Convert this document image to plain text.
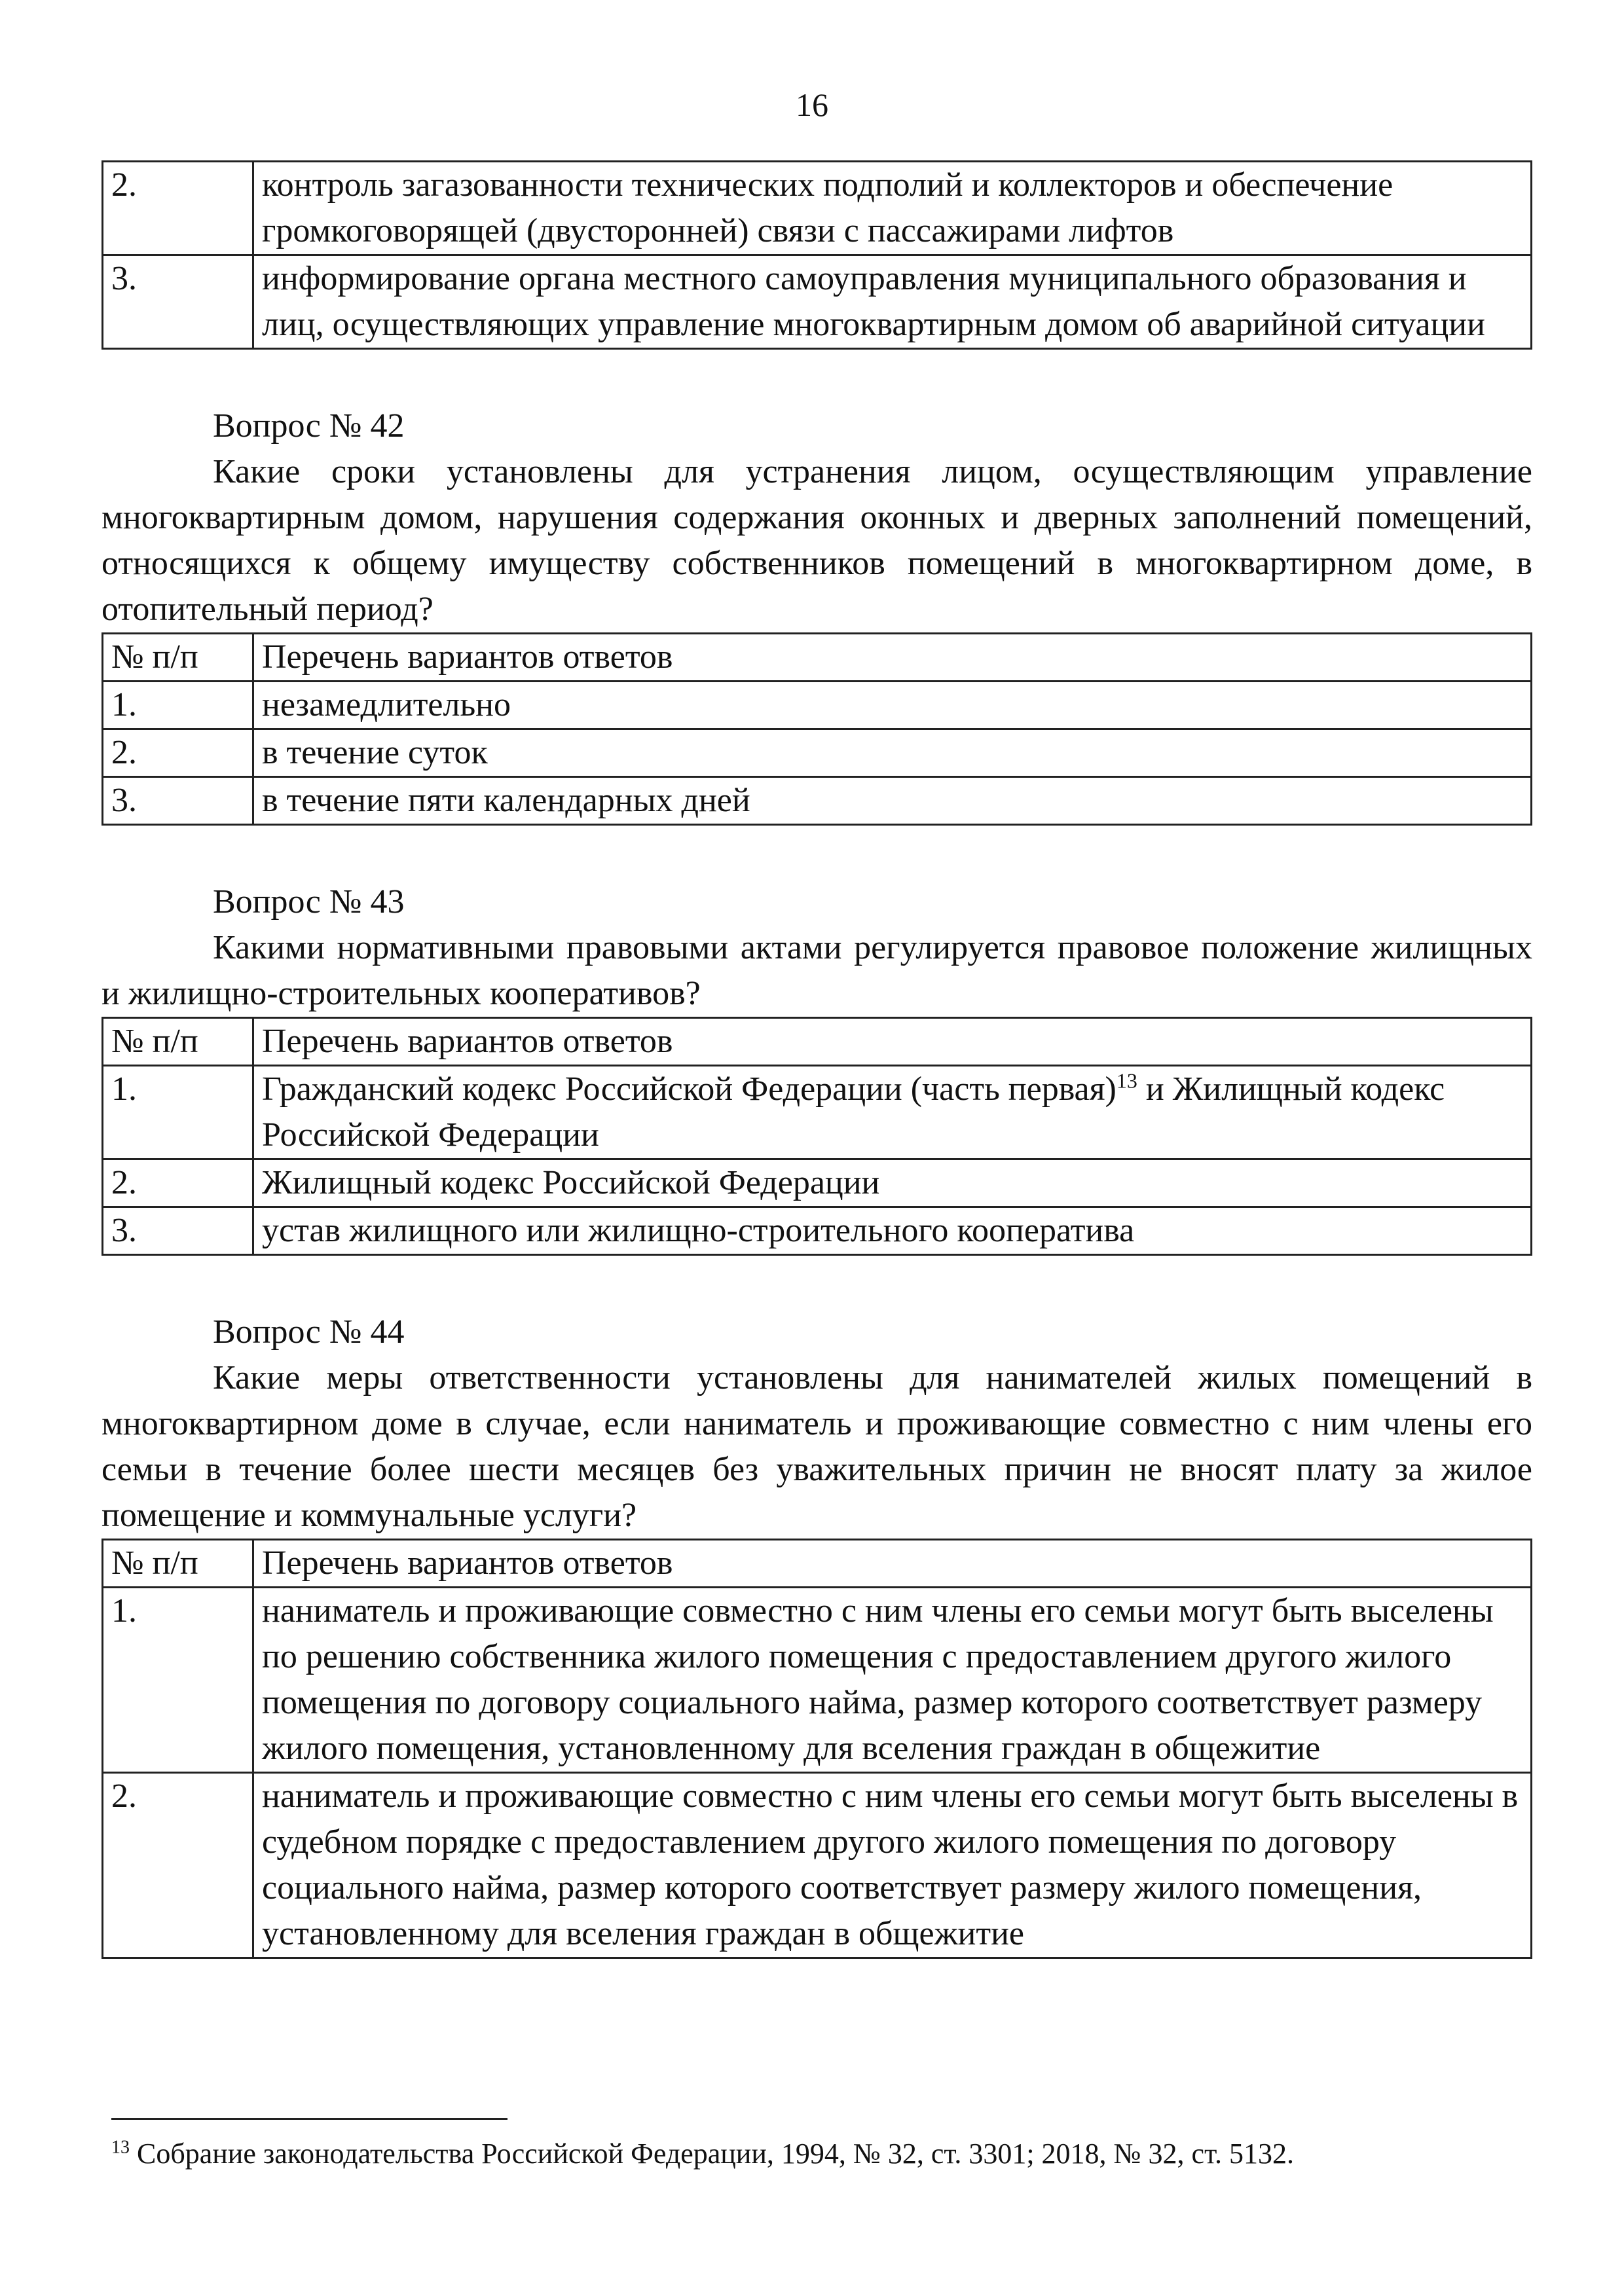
16
2.	контроль загазованности технических подполий и коллекторов и обеспечение громкоговорящей (двусторонней) связи с пассажирами лифтов
3.	информирование органа местного самоуправления муниципального образования и лиц, осуществляющих управление многоквартирным домом об аварийной ситуации

Вопрос № 42

Какие сроки установлены для устранения лицом, осуществляющим управление многоквартирным домом, нарушения содержания оконных и дверных заполнений помещений, относящихся к общему имуществу собственников помещений в многоквартирном доме, в отопительный период?

№ п/п	Перечень вариантов ответов
1.	незамедлительно
2.	в течение суток
3.	в течение пяти календарных дней

Вопрос № 43

Какими нормативными правовыми актами регулируется правовое положение жилищных и жилищно-строительных кооперативов?

№ п/п	Перечень вариантов ответов
1.	Гражданский кодекс Российской Федерации (часть первая)$^{13}$ и Жилищный кодекс Российской Федерации
2.	Жилищный кодекс Российской Федерации
3.	устав жилищного или жилищно-строительного кооператива

Вопрос № 44

Какие меры ответственности установлены для нанимателей жилых помещений в многоквартирном доме в случае, если наниматель и проживающие совместно с ним члены его семьи в течение более шести месяцев без уважительных причин не вносят плату за жилое помещение и коммунальные услуги?

№ п/п	Перечень вариантов ответов
1.	наниматель и проживающие совместно с ним члены его семьи могут быть выселены по решению собственника жилого помещения с предоставлением другого жилого помещения по договору социального найма, размер которого соответствует размеру жилого помещения, установленному для вселения граждан в общежитие
2.	наниматель и проживающие совместно с ним члены его семьи могут быть выселены в судебном порядке с предоставлением другого жилого помещения по договору социального найма, размер которого соответствует размеру жилого помещения, установленному для вселения граждан в общежитие
$^{13}$ Собрание законодательства Российской Федерации, 1994, № 32, ст. 3301; 2018, № 32, ст. 5132.
